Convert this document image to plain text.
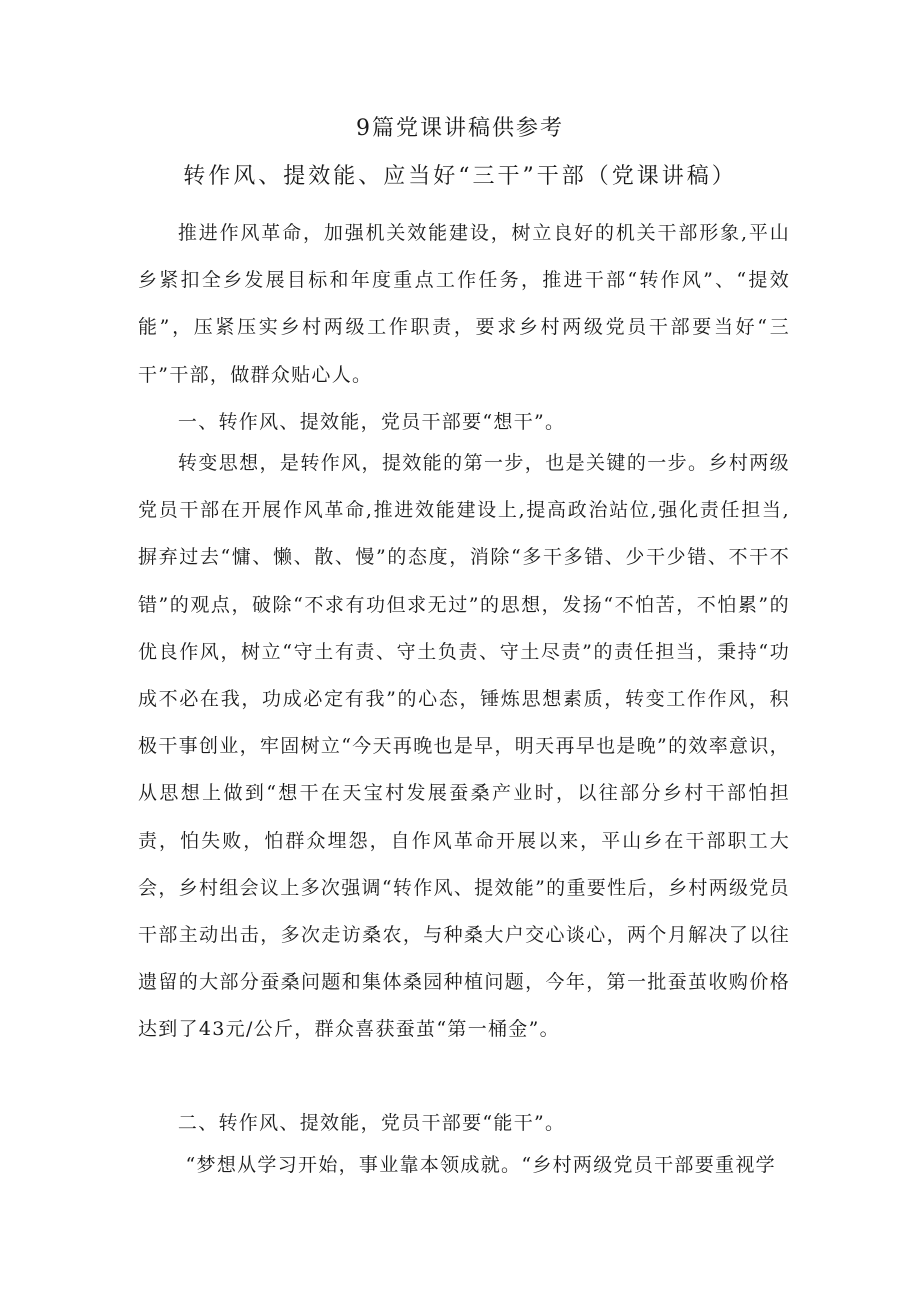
9篇党课讲稿供参考
转作风、提效能、应当好“三干”干部（党课讲稿）

推进作风革命，加强机关效能建设，树立良好的机关干部形象,平山乡紧扣全乡发展目标和年度重点工作任务，推进干部“转作风”、“提效能”，压紧压实乡村两级工作职责，要求乡村两级党员干部要当好“三干”干部，做群众贴心人。

一、转作风、提效能，党员干部要“想干”。

转变思想，是转作风，提效能的第一步，也是关键的一步。乡村两级党员干部在开展作风革命,推进效能建设上,提高政治站位,强化责任担当,摒弃过去“慵、懒、散、慢”的态度，消除“多干多错、少干少错、不干不错”的观点，破除“不求有功但求无过”的思想，发扬“不怕苦，不怕累”的优良作风，树立“守土有责、守土负责、守土尽责”的责任担当，秉持“功成不必在我，功成必定有我”的心态，锤炼思想素质，转变工作作风，积极干事创业，牢固树立“今天再晚也是早，明天再早也是晚”的效率意识，从思想上做到“想干在天宝村发展蚕桑产业时，以往部分乡村干部怕担责，怕失败，怕群众埋怨，自作风革命开展以来，平山乡在干部职工大会，乡村组会议上多次强调“转作风、提效能”的重要性后，乡村两级党员干部主动出击，多次走访桑农，与种桑大户交心谈心，两个月解决了以往遗留的大部分蚕桑问题和集体桑园种植问题，今年，第一批蚕茧收购价格达到了43元/公斤，群众喜获蚕茧“第一桶金”。

二、转作风、提效能，党员干部要“能干”。

“梦想从学习开始，事业靠本领成就。“乡村两级党员干部要重视学
